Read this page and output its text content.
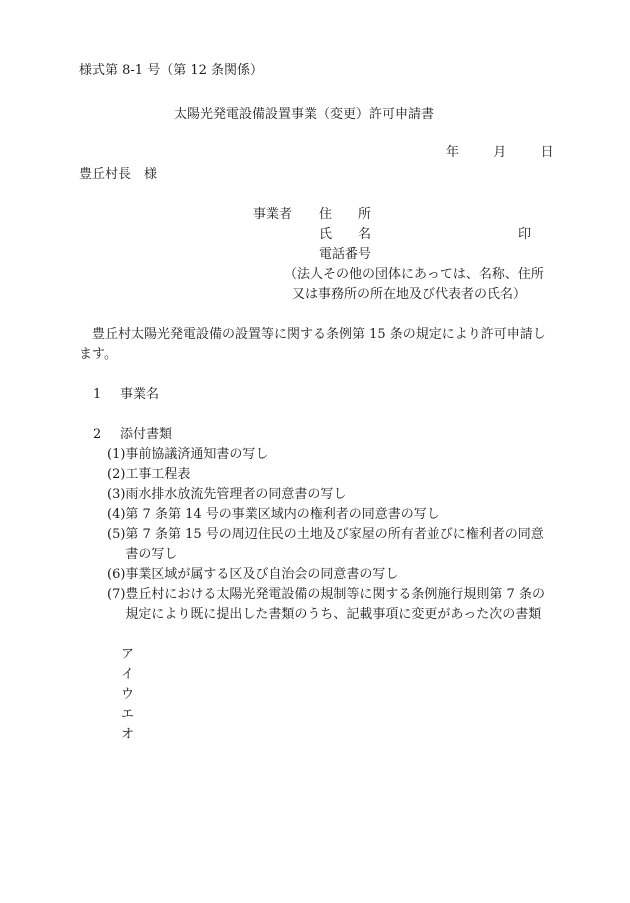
様式第 8-1 号（第 12 条関係）
太陽光発電設備設置事業（変更）許可申請書
年	月	日
豊丘村長　様
事業者 住　　所
氏　　名	印
電話番号
（法人その他の団体にあっては、名称、住所
又は事務所の所在地及び代表者の氏名）
豊丘村太陽光発電設備の設置等に関する条例第 15 条の規定により許可申請します。
1 事業名
2 添付書類
(1) 事前協議済通知書の写し
(2) 工事工程表
(3) 雨水排水放流先管理者の同意書の写し
(4) 第 7 条第 14 号の事業区域内の権利者の同意書の写し
(5) 第 7 条第 15 号の周辺住民の土地及び家屋の所有者並びに権利者の同意書の写し
(6) 事業区域が属する区及び自治会の同意書の写し
(7) 豊丘村における太陽光発電設備の規制等に関する条例施行規則第 7 条の規定により既に提出した書類のうち、記載事項に変更があった次の書類
ア
イ
ウ
エ
オ
